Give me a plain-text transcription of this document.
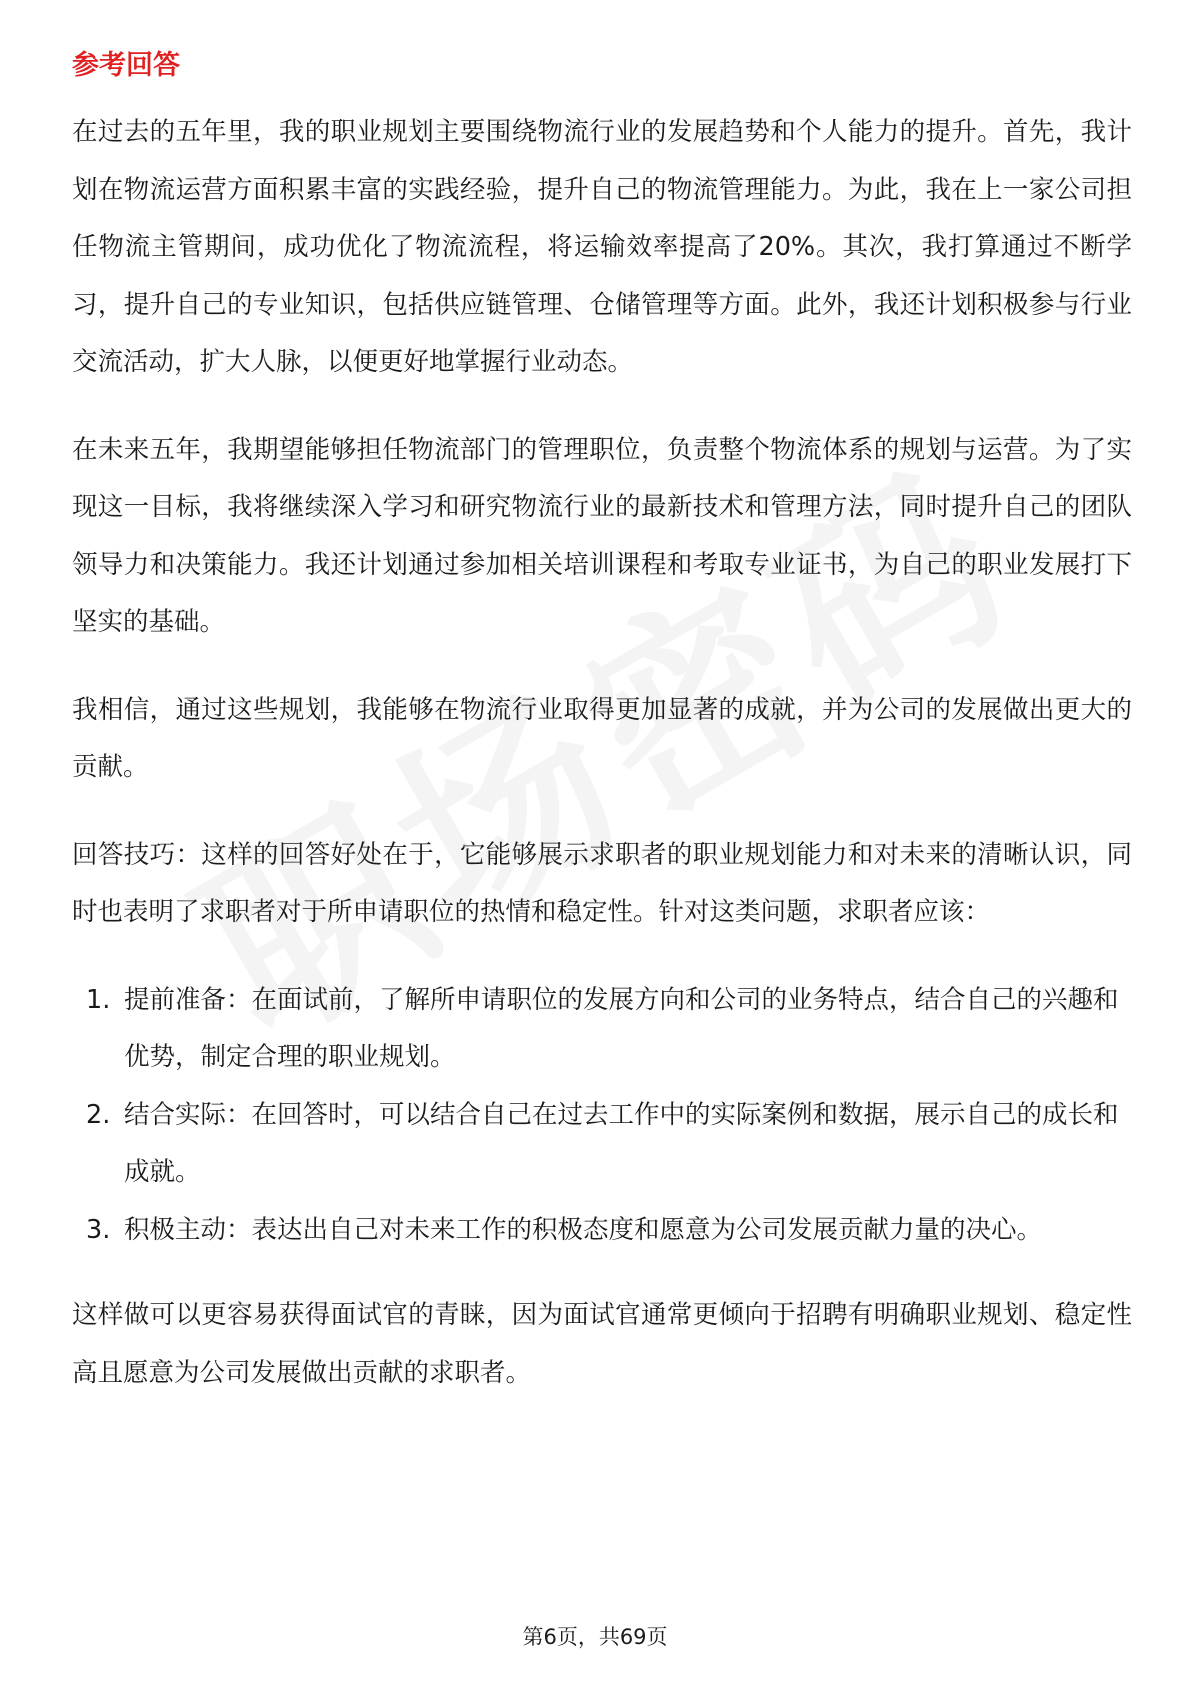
参考回答

在过去的五年里，我的职业规划主要围绕物流行业的发展趋势和个人能力的提升。首先，我计划在物流运营方面积累丰富的实践经验，提升自己的物流管理能力。为此，我在上一家公司担任物流主管期间，成功优化了物流流程，将运输效率提高了20%。其次，我打算通过不断学习，提升自己的专业知识，包括供应链管理、仓储管理等方面。此外，我还计划积极参与行业交流活动，扩大人脉，以便更好地掌握行业动态。

在未来五年，我期望能够担任物流部门的管理职位，负责整个物流体系的规划与运营。为了实现这一目标，我将继续深入学习和研究物流行业的最新技术和管理方法，同时提升自己的团队领导力和决策能力。我还计划通过参加相关培训课程和考取专业证书，为自己的职业发展打下坚实的基础。

我相信，通过这些规划，我能够在物流行业取得更加显著的成就，并为公司的发展做出更大的贡献。

回答技巧：这样的回答好处在于，它能够展示求职者的职业规划能力和对未来的清晰认识，同时也表明了求职者对于所申请职位的热情和稳定性。针对这类问题，求职者应该：

1. 提前准备：在面试前，了解所申请职位的发展方向和公司的业务特点，结合自己的兴趣和优势，制定合理的职业规划。
2. 结合实际：在回答时，可以结合自己在过去工作中的实际案例和数据，展示自己的成长和成就。
3. 积极主动：表达出自己对未来工作的积极态度和愿意为公司发展贡献力量的决心。

这样做可以更容易获得面试官的青睐，因为面试官通常更倾向于招聘有明确职业规划、稳定性高且愿意为公司发展做出贡献的求职者。

第6页，共69页
